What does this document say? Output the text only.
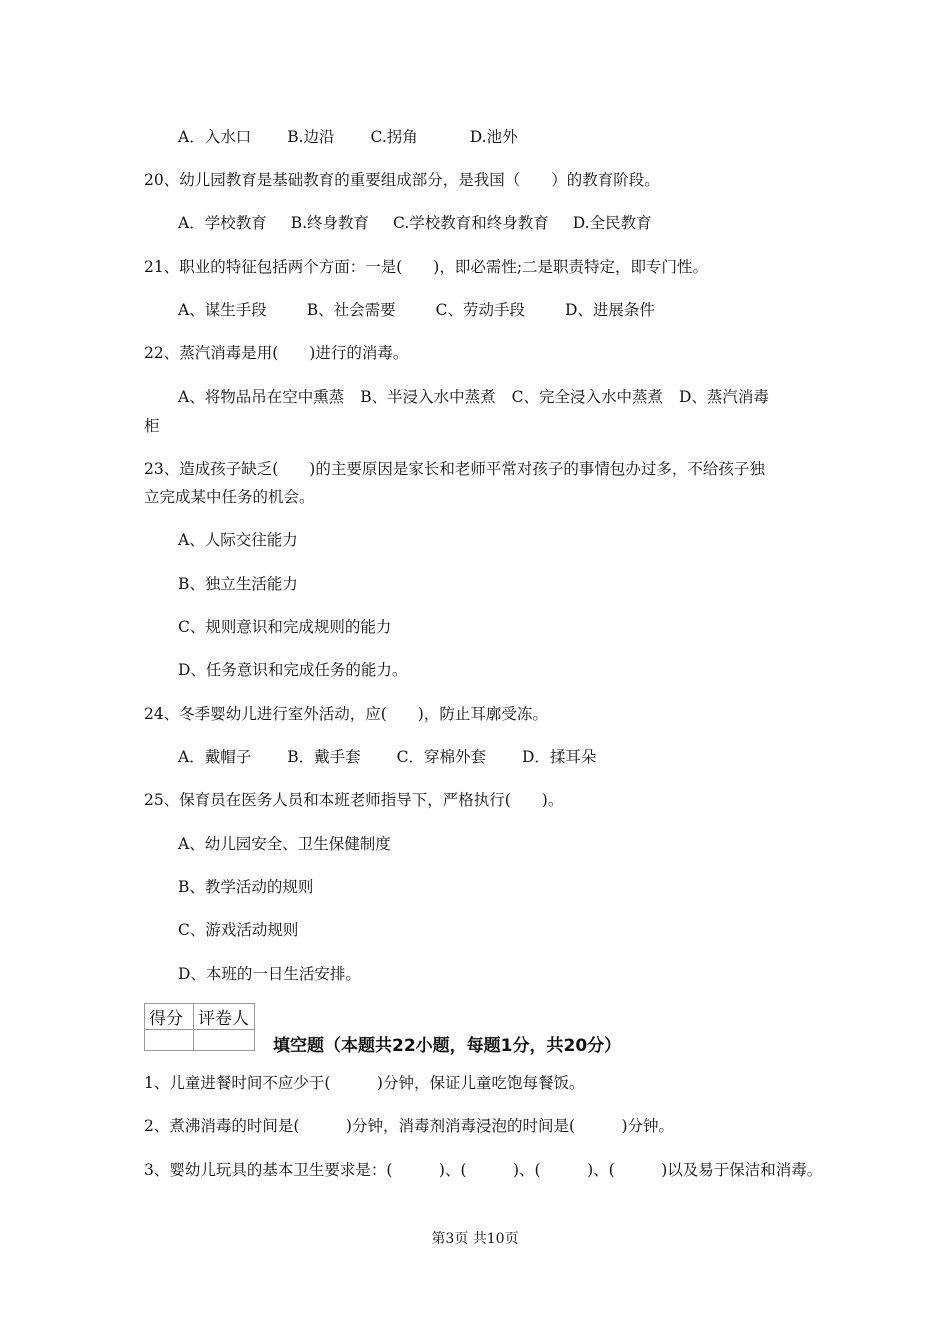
A．入水口 B.边沿 C.拐角	D.池外
20、幼儿园教育是基础教育的重要组成部分，是我国（　　）的教育阶段。
A．学校教育 B.终身教育 C.学校教育和终身教育 D.全民教育
21、职业的特征包括两个方面：一是(　　)，即必需性;二是职责特定，即专门性。
A、谋生手段	B、社会需要	C、劳动手段	D、进展条件
22、蒸汽消毒是用(　　)进行的消毒。
A、将物品吊在空中熏蒸 B、半浸入水中蒸煮 C、完全浸入水中蒸煮 D、蒸汽消毒
柜
23、造成孩子缺乏(　　)的主要原因是家长和老师平常对孩子的事情包办过多，不给孩子独
立完成某中任务的机会。
A、人际交往能力
B、独立生活能力
C、规则意识和完成规则的能力
D、任务意识和完成任务的能力。
24、冬季婴幼儿进行室外活动，应(　　)，防止耳廓受冻。
A．戴帽子 B．戴手套 C．穿棉外套 D．揉耳朵
25、保育员在医务人员和本班老师指导下，严格执行(　　)。
A、幼儿园安全、卫生保健制度
B、教学活动的规则
C、游戏活动规则
D、本班的一日生活安排。
得分	评卷人

填空题（本题共22小题，每题1分，共20分）
1、儿童进餐时间不应少于(　　　)分钟，保证儿童吃饱每餐饭。
2、煮沸消毒的时间是(　　　)分钟，消毒剂消毒浸泡的时间是(　　　)分钟。
3、婴幼儿玩具的基本卫生要求是：(　　　)、(　　　)、(　　　)、(　　　)以及易于保洁和消毒。
第3页 共10页
